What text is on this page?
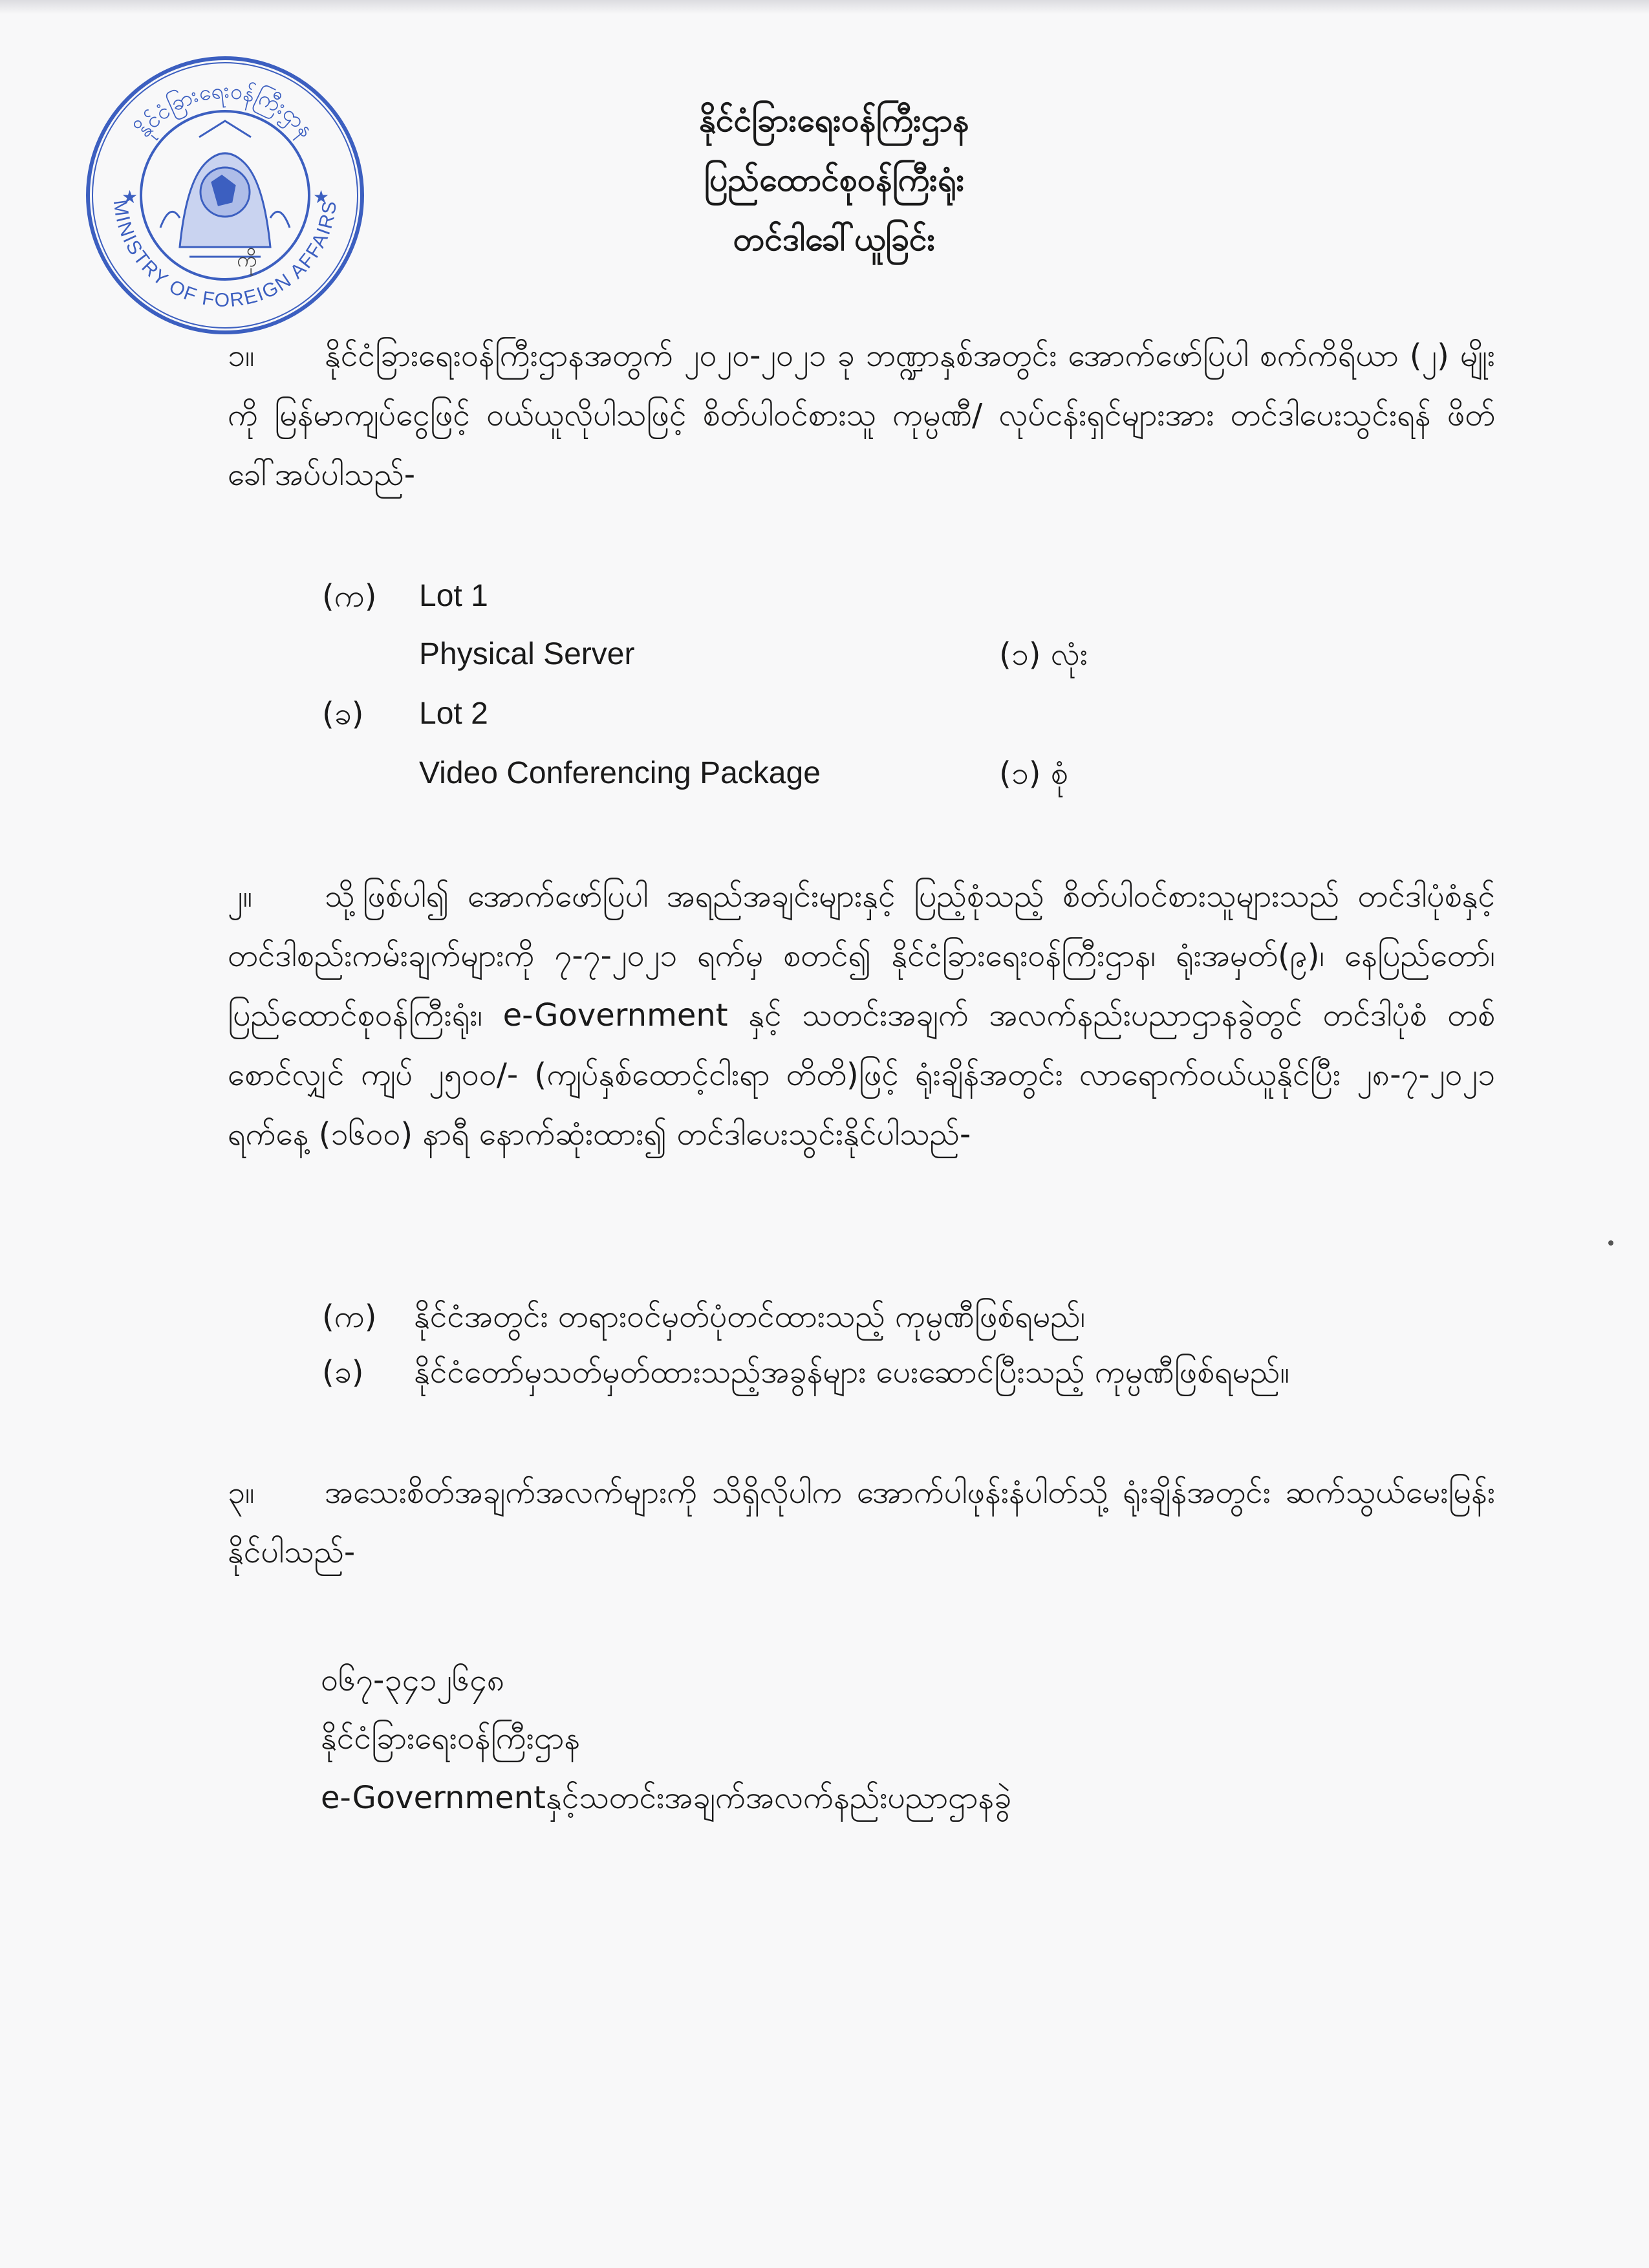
နိုင်ငံခြားရေးဝန်ကြီးဌာန
MINISTRY OF FOREIGN AFFAIRS
★	★
ကို
နိုင်ငံခြားရေးဝန်ကြီးဌာန
ပြည်ထောင်စုဝန်ကြီးရုံး
တင်ဒါခေါ်ယူခြင်း
၁။ နိုင်ငံခြားရေးဝန်ကြီးဌာနအတွက် ၂၀၂၀-၂၀၂၁ ခု ဘဏ္ဍာနှစ်အတွင်း အောက်ဖော်ပြပါ စက်ကိရိယာ (၂) မျိုးကို မြန်မာကျပ်ငွေဖြင့် ဝယ်ယူလိုပါသဖြင့် စိတ်ပါဝင်စားသူ ကုမ္ပဏီ/ လုပ်ငန်းရှင်များအား တင်ဒါပေးသွင်းရန် ဖိတ်ခေါ်အပ်ပါသည်-
(က) Lot 1
Physical Server	(၁) လုံး
(ခ) Lot 2
Video Conferencing Package	(၁) စုံ
၂။ သို့ဖြစ်ပါ၍ အောက်ဖော်ပြပါ အရည်အချင်းများနှင့် ပြည့်စုံသည့် စိတ်ပါဝင်စားသူများသည် တင်ဒါပုံစံနှင့် တင်ဒါစည်းကမ်းချက်များကို ၇-၇-၂၀၂၁ ရက်မှ စတင်၍ နိုင်ငံခြားရေးဝန်ကြီးဌာန၊ ရုံးအမှတ်(၉)၊ နေပြည်တော်၊ ပြည်ထောင်စုဝန်ကြီးရုံး၊ e-Government နှင့် သတင်းအချက် အလက်နည်းပညာဌာနခွဲတွင် တင်ဒါပုံစံ တစ်စောင်လျှင် ကျပ် ၂၅၀၀/- (ကျပ်နှစ်ထောင့်ငါးရာ တိတိ)ဖြင့် ရုံးချိန်အတွင်း လာရောက်ဝယ်ယူနိုင်ပြီး ၂၈-၇-၂၀၂၁ ရက်နေ့ (၁၆၀၀) နာရီ နောက်ဆုံးထား၍ တင်ဒါပေးသွင်းနိုင်ပါသည်-
(က) နိုင်ငံအတွင်း တရားဝင်မှတ်ပုံတင်ထားသည့် ကုမ္ပဏီဖြစ်ရမည်၊
(ခ) နိုင်ငံတော်မှသတ်မှတ်ထားသည့်အခွန်များ ပေးဆောင်ပြီးသည့် ကုမ္ပဏီဖြစ်ရမည်။
၃။ အသေးစိတ်အချက်အလက်များကို သိရှိလိုပါက အောက်ပါဖုန်းနံပါတ်သို့ ရုံးချိန်အတွင်း ဆက်သွယ်မေးမြန်းနိုင်ပါသည်-
၀၆၇-၃၄၁၂၆၄၈
နိုင်ငံခြားရေးဝန်ကြီးဌာန
e-Governmentနှင့်သတင်းအချက်အလက်နည်းပညာဌာနခွဲ
